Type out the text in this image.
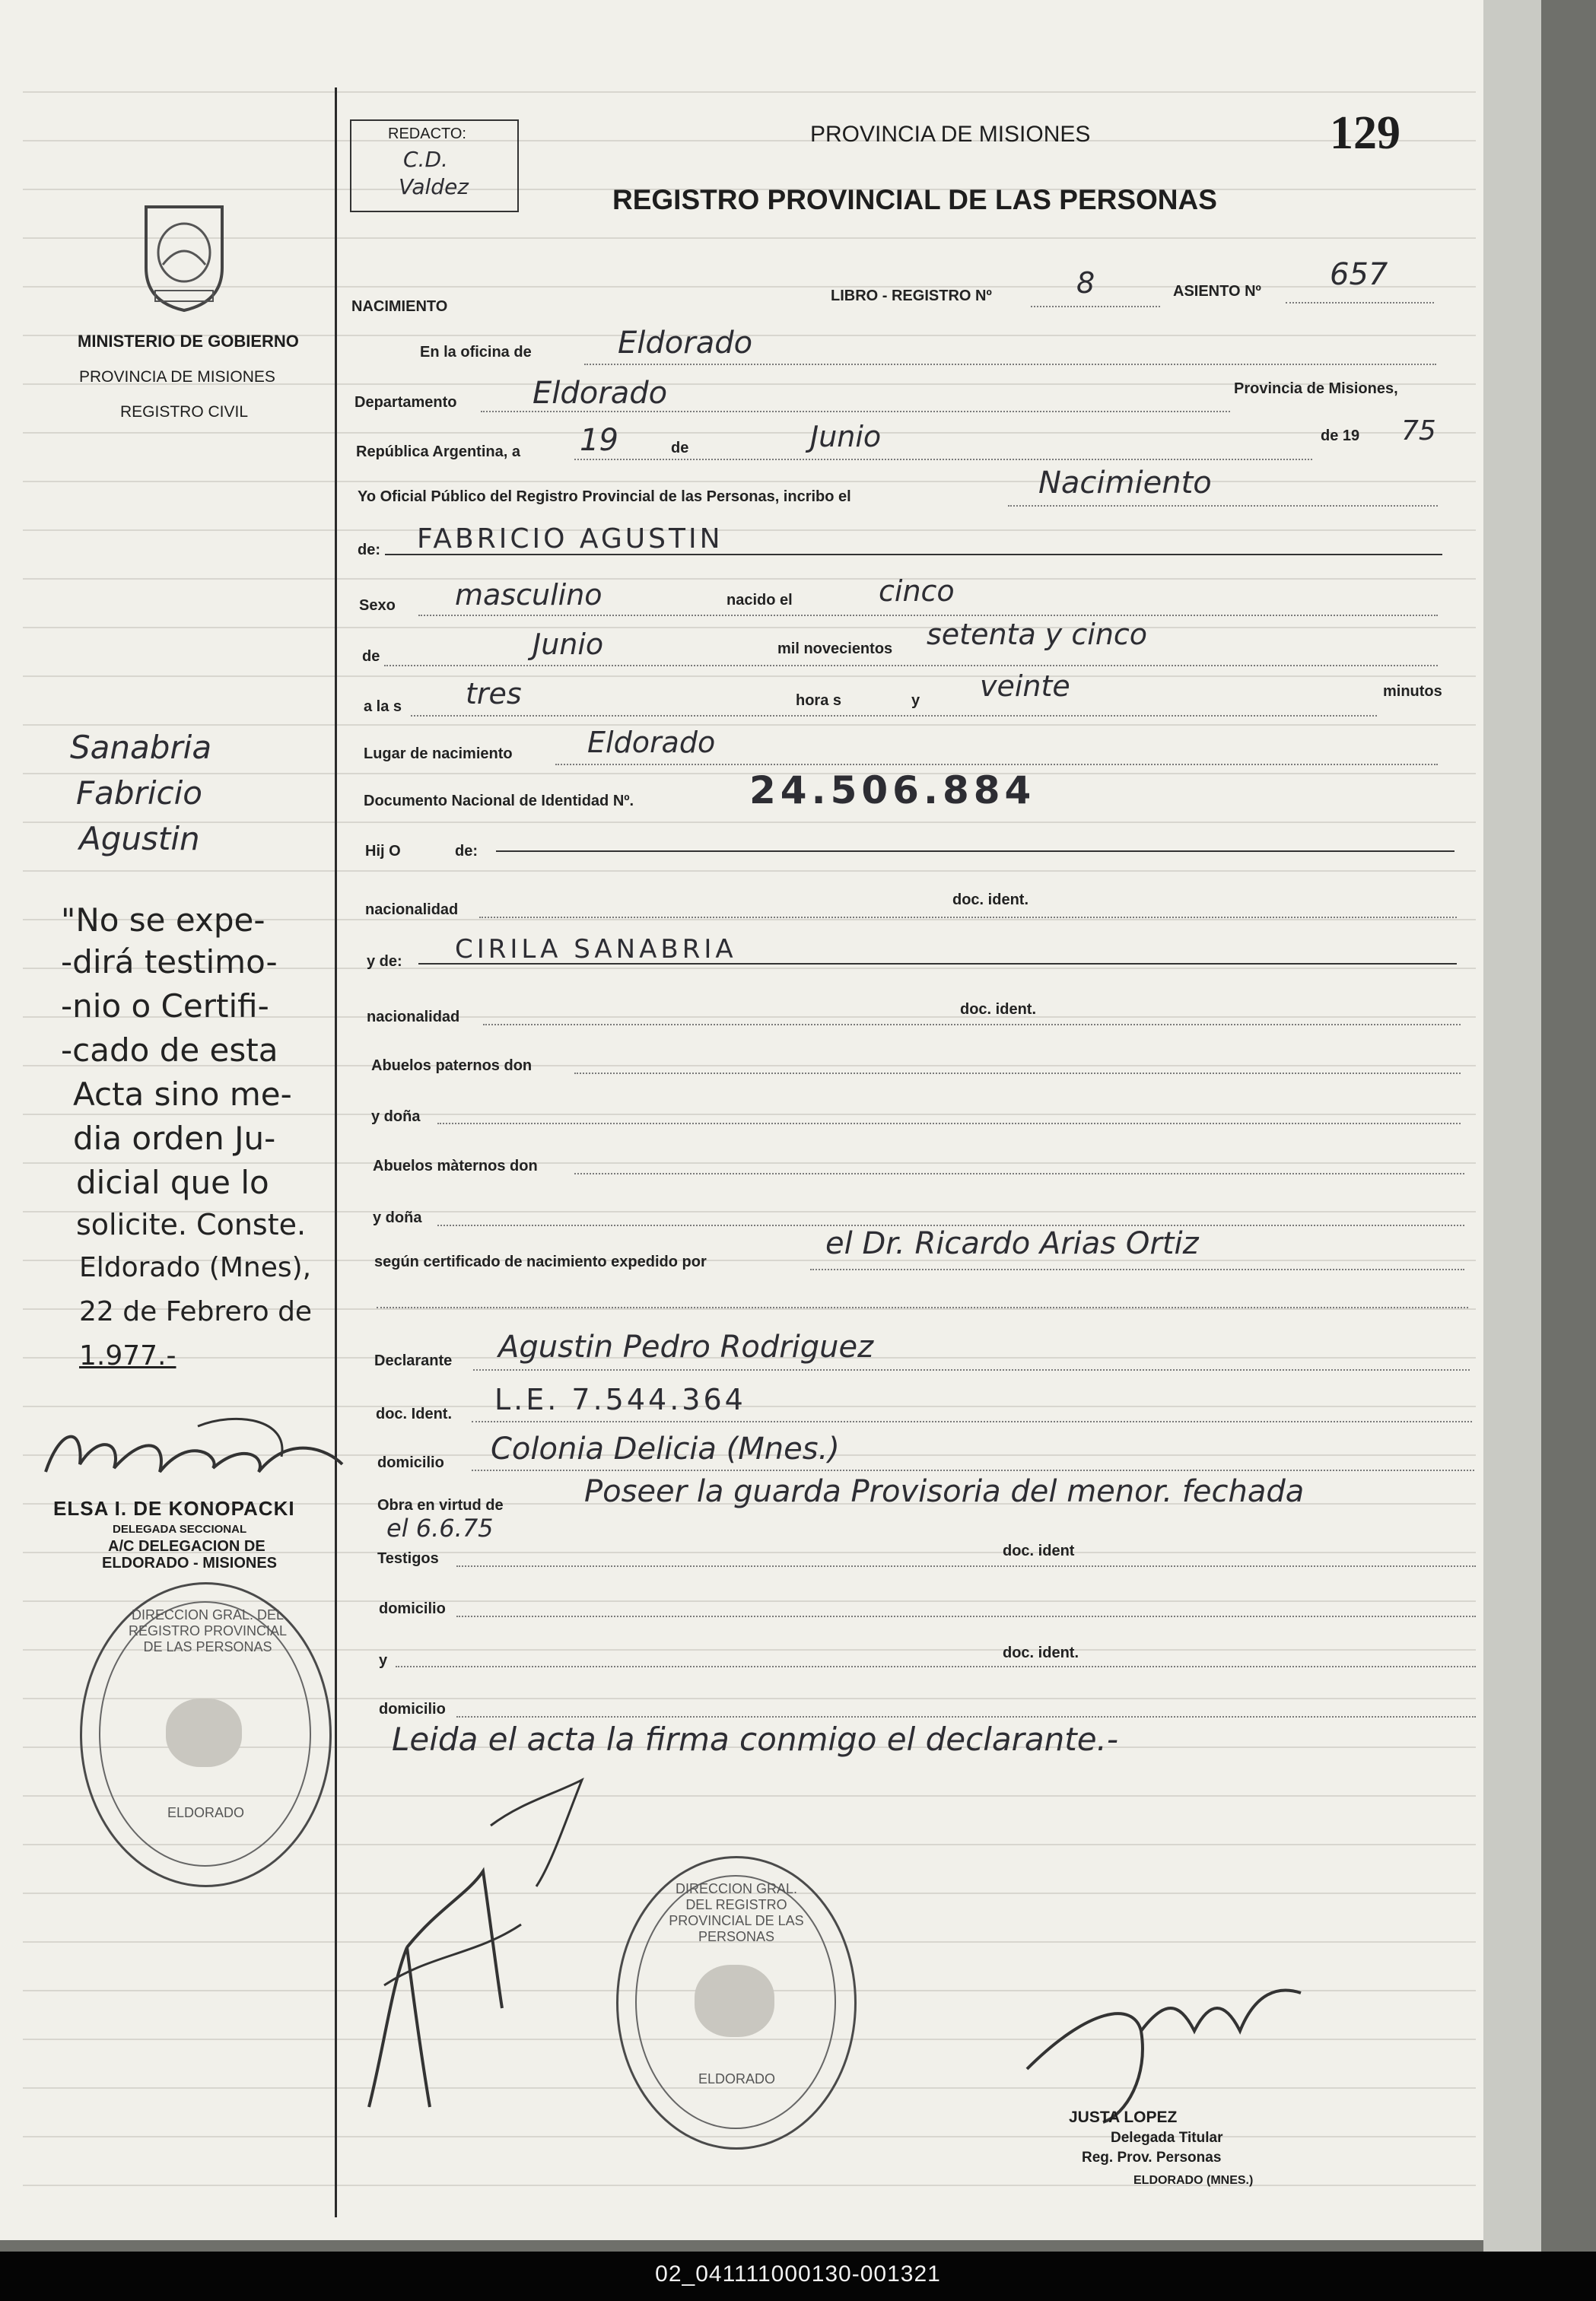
129
REDACTO:
C.D.
Valdez
PROVINCIA DE MISIONES
REGISTRO PROVINCIAL DE LAS PERSONAS
MINISTERIO DE GOBIERNO
PROVINCIA DE MISIONES
REGISTRO CIVIL
NACIMIENTO
LIBRO - REGISTRO Nº	8	ASIENTO Nº 657
En la oficina de	Eldorado
Departamento Eldorado	Provincia de Misiones,
República Argentina, a 19	de	Junio	de 19 75
Yo Oficial Público del Registro Provincial de las Personas, incribo el	Nacimiento
de: FABRICIO AGUSTIN
Sexo masculino	nacido el	cinco
de	Junio	mil novecientos setenta y cinco
a la s tres	hora s	y veinte	minutos
Lugar de nacimiento	Eldorado
Documento Nacional de Identidad Nº.	24.506.884
Hij O	de:
nacionalidad
doc. ident.
y de: CIRILA SANABRIA
nacionalidad	doc. ident.
Abuelos paternos don
y doña
Abuelos màternos don
y doña
según certificado de nacimiento expedido por
el Dr. Ricardo Arias Ortiz
Declarante Agustin Pedro Rodriguez
doc. Ident. L.E. 7.544.364
domicilio Colonia Delicia (Mnes.)
Obra en virtud de	Poseer la guarda Provisoria del menor. fechada
el 6.6.75
Testigos	doc. ident
domicilio
y	doc. ident.
domicilio
Leida el acta la firma conmigo el declarante.-
Sanabria
Fabricio
Agustin
"No se expe-
-dirá testimo-
-nio o Certifi-
-cado de esta
Acta sino me-
dia orden Ju-
dicial que lo
solicite. Conste.
Eldorado (Mnes),
22 de Febrero de
1.977.-
ELSA I. DE KONOPACKI
DELEGADA SECCIONAL
A/C DELEGACION DE
ELDORADO - MISIONES
DIRECCION GRAL. DEL REGISTRO PROVINCIAL DE LAS PERSONAS
ELDORADO
DIRECCION GRAL. DEL REGISTRO PROVINCIAL DE LAS PERSONAS
ELDORADO
JUSTA LOPEZ
Delegada Titular
Reg. Prov. Personas
ELDORADO (MNES.)
02_041111000130-001321
